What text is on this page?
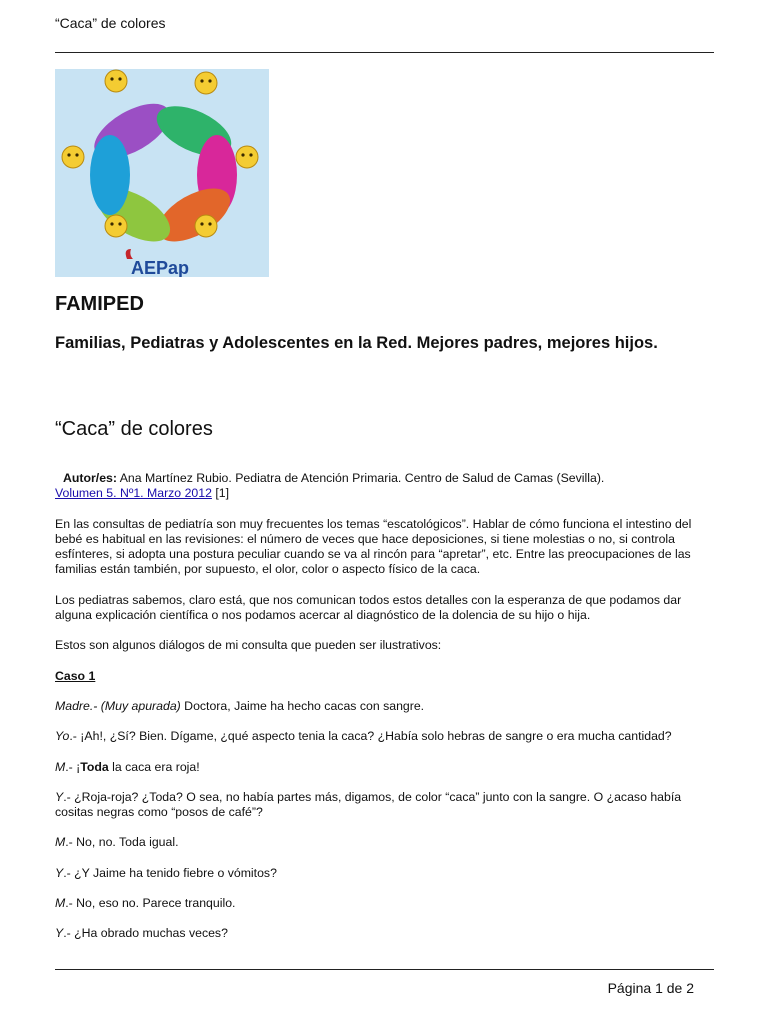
“Caca” de colores
AEPap
FAMIPED
Familias, Pediatras y Adolescentes en la Red. Mejores padres, mejores hijos.
“Caca” de colores

Autor/es: Ana Martínez Rubio. Pediatra de Atención Primaria. Centro de Salud de Camas (Sevilla).

Volumen 5. Nº1. Marzo 2012 [1]

En las consultas de pediatría son muy frecuentes los temas “escatológicos”. Hablar de cómo funciona el intestino del bebé es habitual en las revisiones: el número de veces que hace deposiciones, si tiene molestias o no, si controla esfínteres, si adopta una postura peculiar cuando se va al rincón para “apretar”, etc. Entre las preocupaciones de las familias están también, por supuesto, el olor, color o aspecto físico de la caca.

Los pediatras sabemos, claro está, que nos comunican todos estos detalles con la esperanza de que podamos dar alguna explicación científica o nos podamos acercar al diagnóstico de la dolencia de su hijo o hija.

Estos son algunos diálogos de mi consulta que pueden ser ilustrativos:

Caso 1

Madre.- (Muy apurada) Doctora, Jaime ha hecho cacas con sangre.

Yo.- ¡Ah!, ¿Sí? Bien. Dígame, ¿qué aspecto tenia la caca? ¿Había solo hebras de sangre o era mucha cantidad?

M.- ¡Toda la caca era roja!

Y.- ¿Roja-roja? ¿Toda? O sea, no había partes más, digamos, de color “caca” junto con la sangre. O ¿acaso había cositas negras como “posos de café”?

M.- No, no. Toda igual.

Y.- ¿Y Jaime ha tenido fiebre o vómitos?

M.- No, eso no. Parece tranquilo.

Y.- ¿Ha obrado muchas veces?

Página 1 de 2
